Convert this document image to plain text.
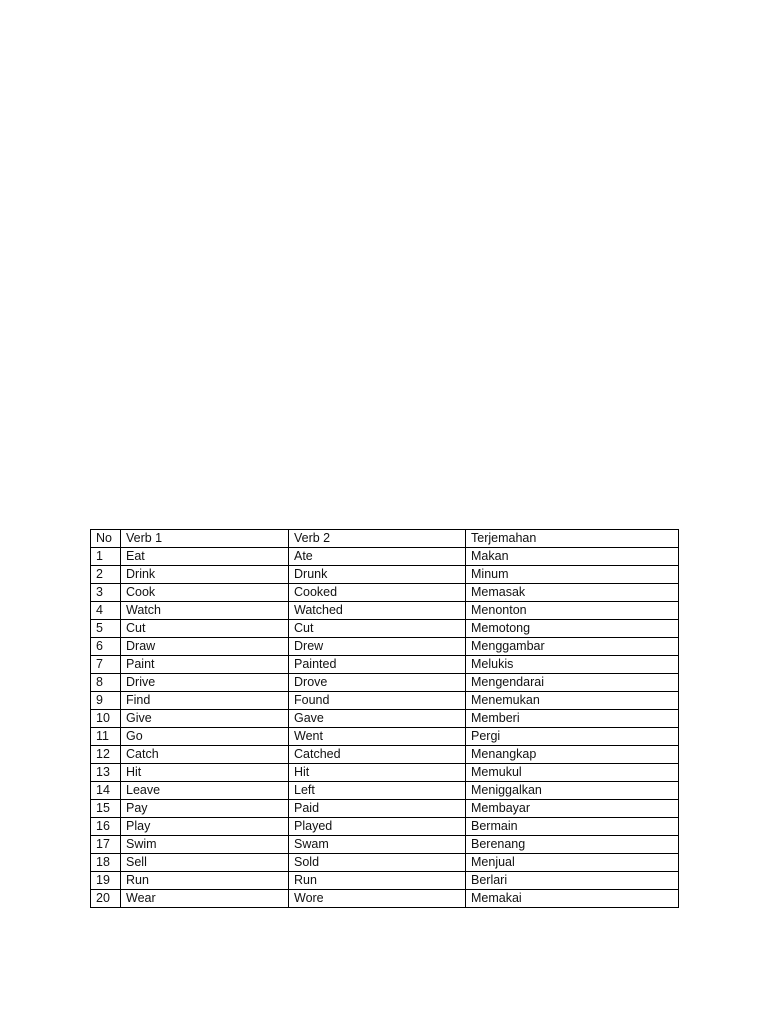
No	Verb 1	Verb 2	Terjemahan
1	Eat	Ate	Makan
2	Drink	Drunk	Minum
3	Cook	Cooked	Memasak
4	Watch	Watched	Menonton
5	Cut	Cut	Memotong
6	Draw	Drew	Menggambar
7	Paint	Painted	Melukis
8	Drive	Drove	Mengendarai
9	Find	Found	Menemukan
10	Give	Gave	Memberi
11	Go	Went	Pergi
12	Catch	Catched	Menangkap
13	Hit	Hit	Memukul
14	Leave	Left	Meniggalkan
15	Pay	Paid	Membayar
16	Play	Played	Bermain
17	Swim	Swam	Berenang
18	Sell	Sold	Menjual
19	Run	Run	Berlari
20	Wear	Wore	Memakai
